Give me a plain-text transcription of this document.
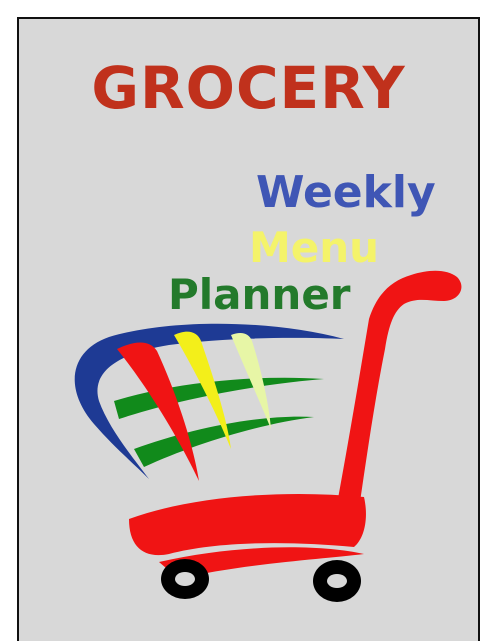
GROCERY
Weekly
Menu
Planner
